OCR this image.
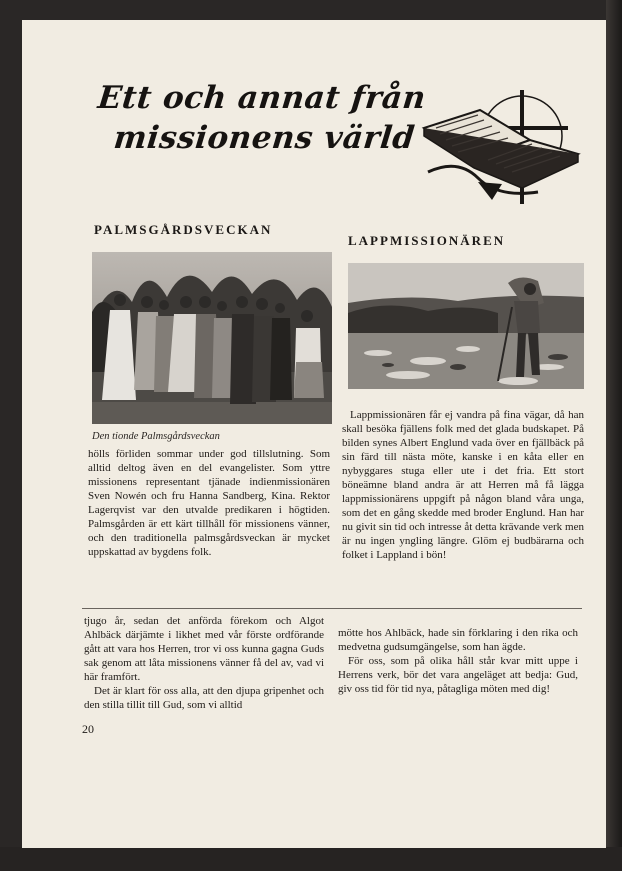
Ett och annat från
missionens värld
PALMSGÅRDSVECKAN
LAPPMISSIONÄREN
Den tionde Palmsgårdsveckan

hölls förliden sommar under god tillslutning. Som alltid deltog även en del evangelister. Som yttre missionens representant tjänade indienmissionären Sven Nowén och fru Hanna Sandberg, Kina. Rektor Lagerqvist var den utvalde predikaren i högtiden. Palmsgården är ett kärt tillhåll för missionens vänner, och den traditionella palmsgårdsveckan är mycket uppskattad av bygdens folk.

Lappmissionären får ej vandra på fina vägar, då han skall besöka fjällens folk med det glada budskapet. På bilden synes Albert Englund vada över en fjällbäck på sin färd till nästa möte, kanske i en kåta eller en nybyggares stuga eller ute i det fria. Ett stort böneämne bland andra är att Herren må få lägga lappmissionärens uppgift på någon bland våra unga, som det en gång skedde med broder Englund. Han har nu givit sin tid och intresse åt detta krävande verk men är nu ingen yngling längre. Glöm ej budbärarna och folket i Lappland i bön!

tjugo år, sedan det anförda förekom och Algot Ahlbäck därjämte i likhet med vår förste ordförande gått att vara hos Herren, tror vi oss kunna gagna Guds sak genom att låta missionens vänner få del av, vad vi här framfört.

Det är klart för oss alla, att den djupa gripenhet och den stilla tillit till Gud, som vi alltid

mötte hos Ahlbäck, hade sin förklaring i den rika och medvetna gudsumgängelse, som han ägde.

För oss, som på olika håll står kvar mitt uppe i Herrens verk, bör det vara angeläget att bedja: Gud, giv oss tid för tid nya, påtagliga möten med dig!

20
